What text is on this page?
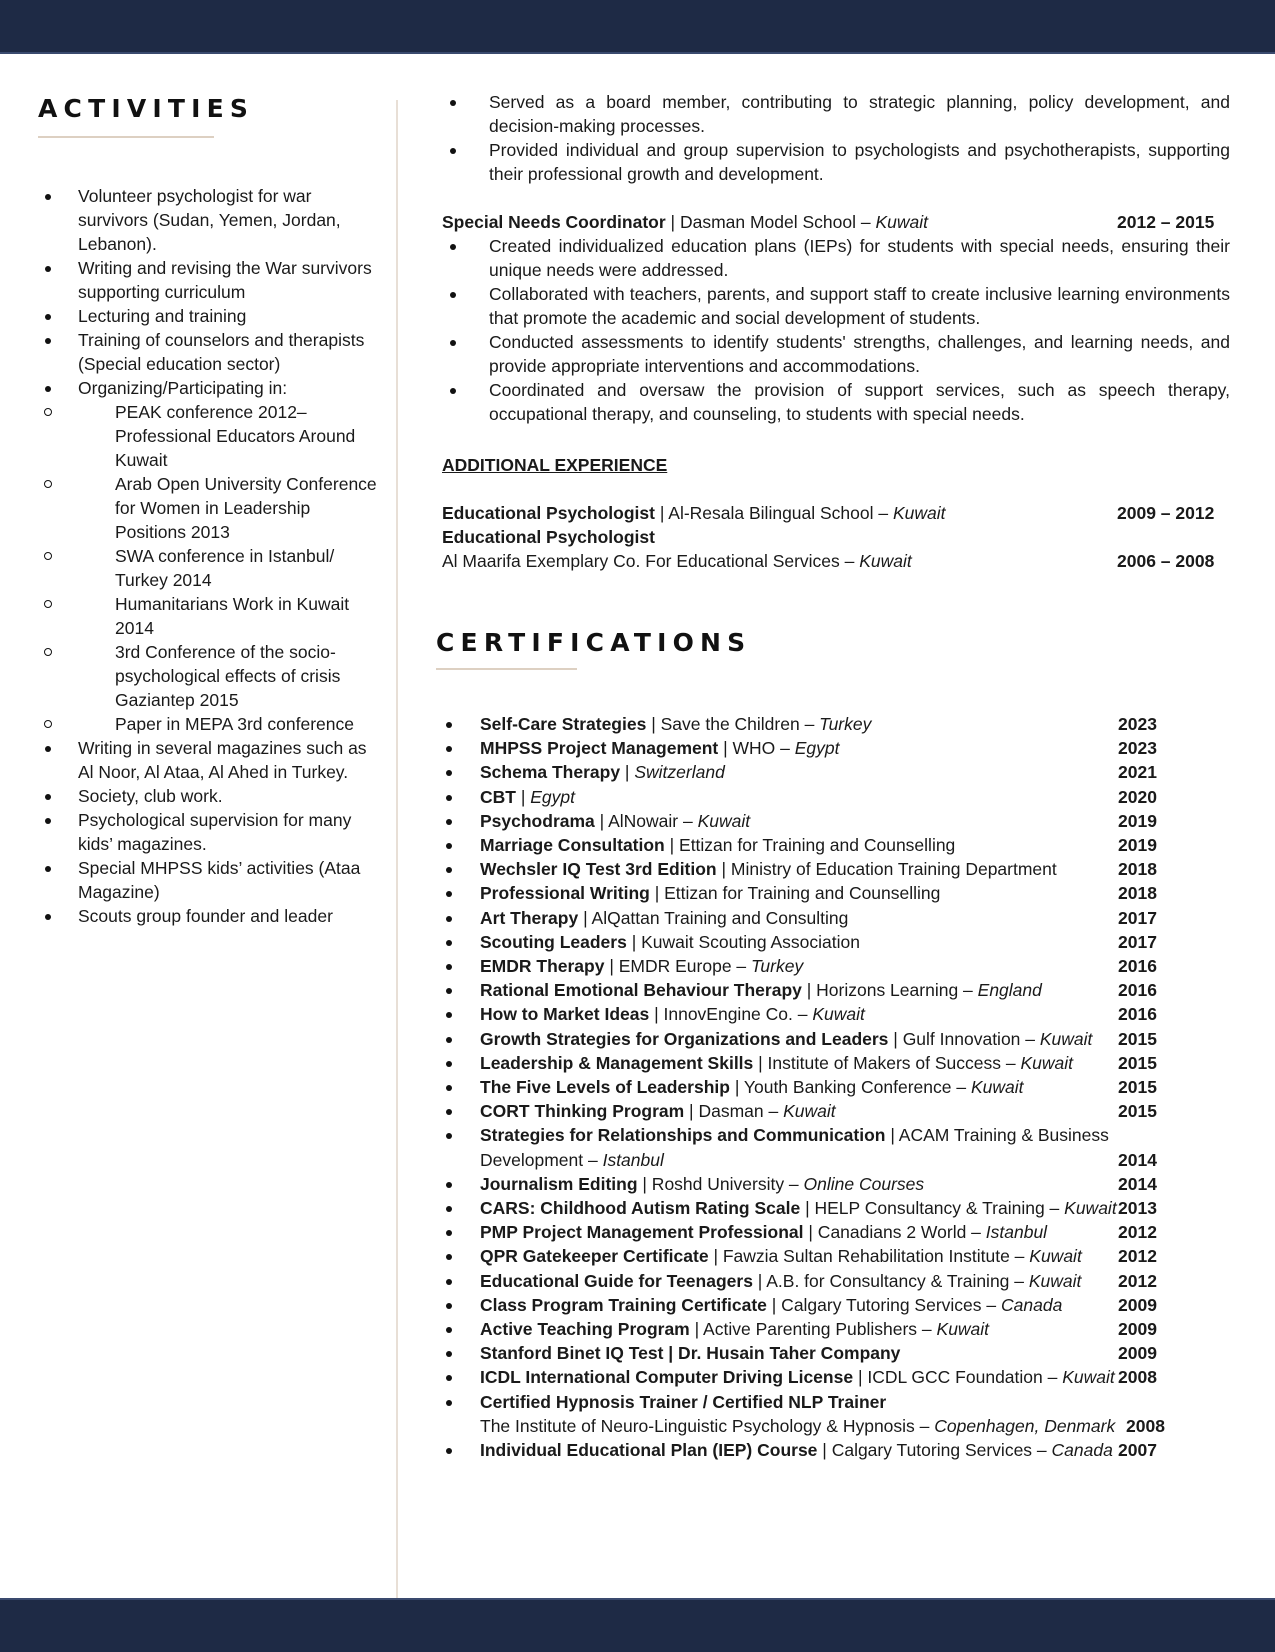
ACTIVITIES
Volunteer psychologist for war survivors (Sudan, Yemen, Jordan, Lebanon).
Writing and revising the War survivors supporting curriculum
Lecturing and training
Training of counselors and therapists (Special education sector)
Organizing/Participating in:
PEAK conference 2012– Professional Educators Around Kuwait
Arab Open University Conference for Women in Leadership Positions 2013
SWA conference in Istanbul/ Turkey 2014
Humanitarians Work in Kuwait 2014
3rd Conference of the socio-psychological effects of crisis Gaziantep 2015
Paper in MEPA 3rd conference
Writing in several magazines such as Al Noor, Al Ataa, Al Ahed in Turkey.
Society, club work.
Psychological supervision for many kids’ magazines.
Special MHPSS kids’ activities (Ataa Magazine)
Scouts group founder and leader
Served as a board member, contributing to strategic planning, policy development, and decision-making processes.
Provided individual and group supervision to psychologists and psychotherapists, supporting their professional growth and development.
Special Needs Coordinator | Dasman Model School – Kuwait	2012 – 2015
Created individualized education plans (IEPs) for students with special needs, ensuring their unique needs were addressed.
Collaborated with teachers, parents, and support staff to create inclusive learning environments that promote the academic and social development of students.
Conducted assessments to identify students' strengths, challenges, and learning needs, and provide appropriate interventions and accommodations.
Coordinated and oversaw the provision of support services, such as speech therapy, occupational therapy, and counseling, to students with special needs.
ADDITIONAL EXPERIENCE
Educational Psychologist | Al-Resala Bilingual School – Kuwait	2009 – 2012
Educational Psychologist
Al Maarifa Exemplary Co. For Educational Services – Kuwait	2006 – 2008
CERTIFICATIONS
Self-Care Strategies | Save the Children – Turkey	2023
MHPSS Project Management | WHO – Egypt	2023
Schema Therapy | Switzerland	2021
CBT | Egypt	2020
Psychodrama | AlNowair – Kuwait	2019
Marriage Consultation | Ettizan for Training and Counselling	2019
Wechsler IQ Test 3rd Edition | Ministry of Education Training Department	2018
Professional Writing | Ettizan for Training and Counselling	2018
Art Therapy | AlQattan Training and Consulting	2017
Scouting Leaders | Kuwait Scouting Association	2017
EMDR Therapy | EMDR Europe – Turkey	2016
Rational Emotional Behaviour Therapy | Horizons Learning – England	2016
How to Market Ideas | InnovEngine Co. – Kuwait	2016
Growth Strategies for Organizations and Leaders | Gulf Innovation – Kuwait 2015
Leadership & Management Skills | Institute of Makers of Success – Kuwait	2015
The Five Levels of Leadership | Youth Banking Conference – Kuwait	2015
CORT Thinking Program | Dasman – Kuwait	2015
Strategies for Relationships and Communication | ACAM Training & Business Development – Istanbul	2014
Journalism Editing | Roshd University – Online Courses	2014
CARS: Childhood Autism Rating Scale | HELP Consultancy & Training – Kuwait 2013
PMP Project Management Professional | Canadians 2 World – Istanbul	2012
QPR Gatekeeper Certificate | Fawzia Sultan Rehabilitation Institute – Kuwait 2012
Educational Guide for Teenagers | A.B. for Consultancy & Training – Kuwait 2012
Class Program Training Certificate | Calgary Tutoring Services – Canada	2009
Active Teaching Program | Active Parenting Publishers – Kuwait	2009
Stanford Binet IQ Test | Dr. Husain Taher Company	2009
ICDL International Computer Driving License | ICDL GCC Foundation – Kuwait 2008
Certified Hypnosis Trainer / Certified NLP Trainer
The Institute of Neuro-Linguistic Psychology & Hypnosis – Copenhagen, Denmark 2008
Individual Educational Plan (IEP) Course | Calgary Tutoring Services – Canada 2007
